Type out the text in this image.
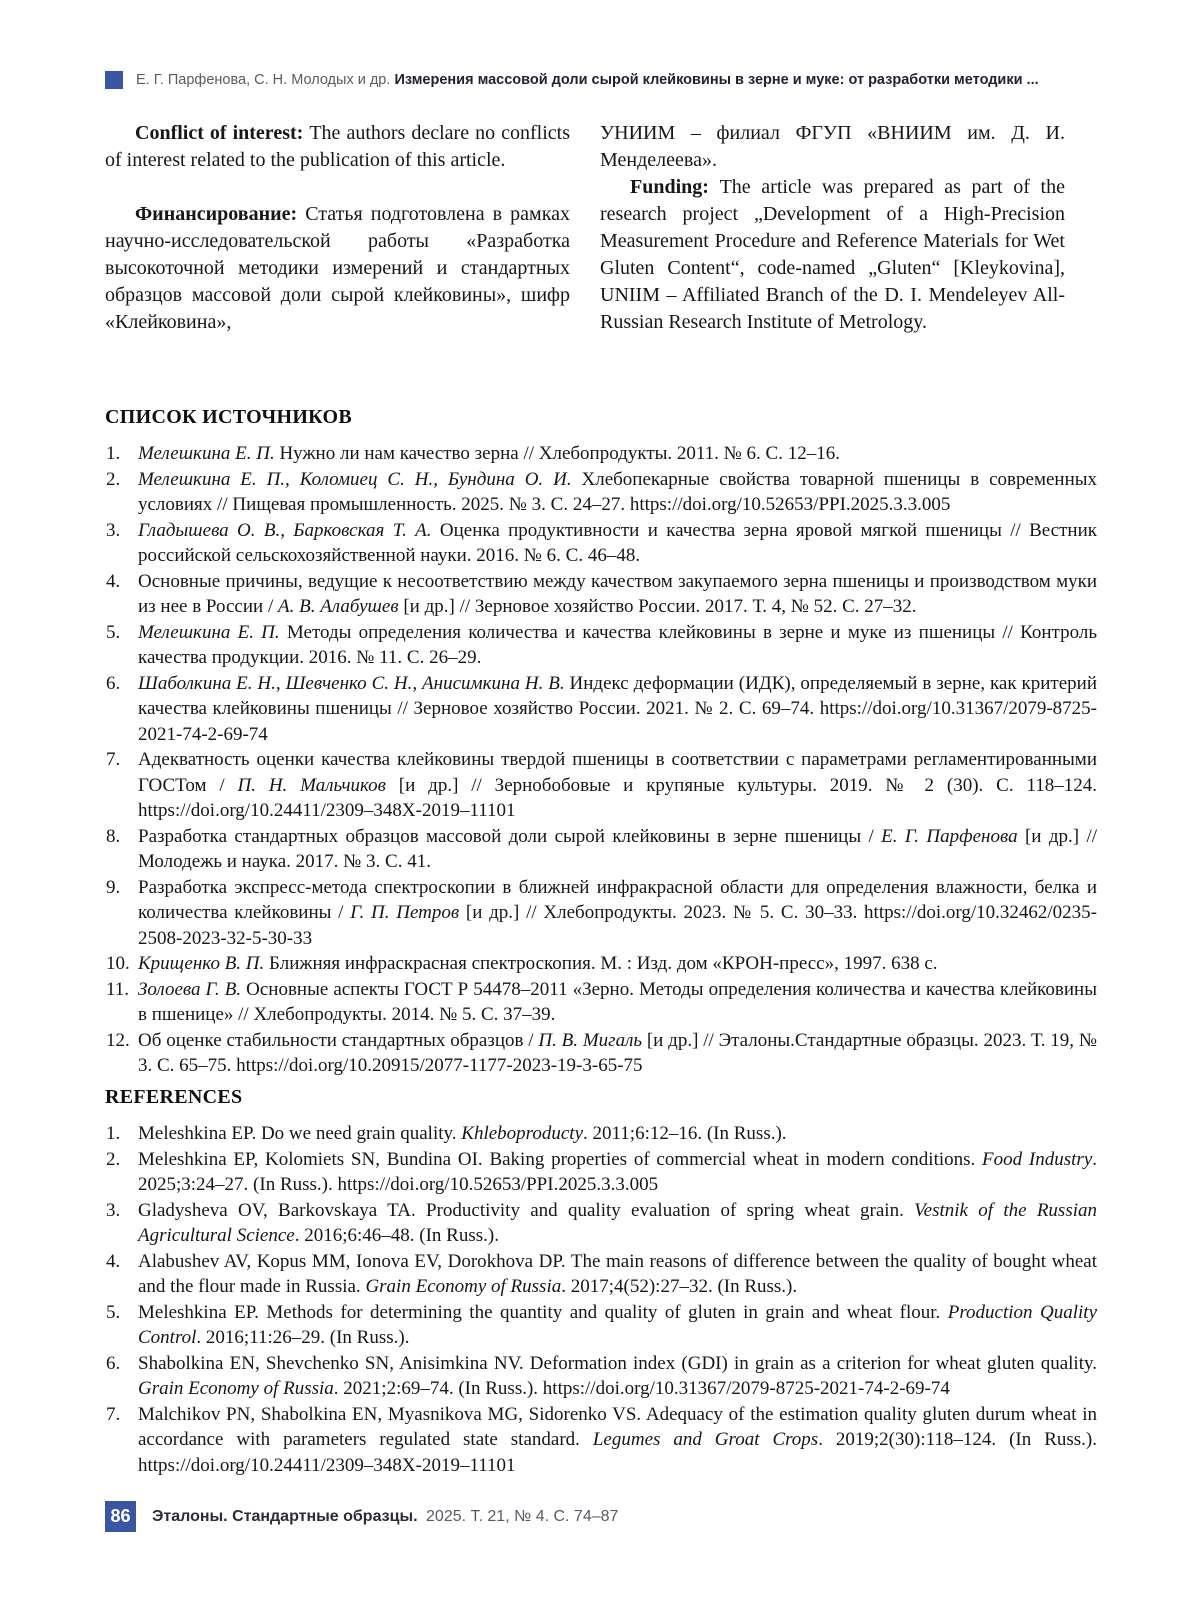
Е. Г. Парфенова, С. Н. Молодых и др. Измерения массовой доли сырой клейковины в зерне и муке: от разработки методики ...

Conflict of interest: The authors declare no conflicts of interest related to the publication of this article.

Финансирование: Статья подготовлена в рамках научно-исследовательской работы «Разработка высокоточной методики измерений и стандартных образцов массовой доли сырой клейковины», шифр «Клейковина»,

УНИИМ – филиал ФГУП «ВНИИМ им. Д. И. Менделеева».

Funding: The article was prepared as part of the research project „Development of a High-Precision Measurement Procedure and Reference Materials for Wet Gluten Content“, code-named „Gluten“ [Kleykovina], UNIIM – Affiliated Branch of the D. I. Mendeleyev All-Russian Research Institute of Metrology.

СПИСОК ИСТОЧНИКОВ
1. Мелешкина Е. П. Нужно ли нам качество зерна // Хлебопродукты. 2011. № 6. С. 12–16.
2. Мелешкина Е. П., Коломиец С. Н., Бундина О. И. Хлебопекарные свойства товарной пшеницы в современных условиях // Пищевая промышленность. 2025. № 3. С. 24–27. https://doi.org/10.52653/PPI.2025.3.3.005
3. Гладышева О. В., Барковская Т. А. Оценка продуктивности и качества зерна яровой мягкой пшеницы // Вестник российской сельскохозяйственной науки. 2016. № 6. С. 46–48.
4. Основные причины, ведущие к несоответствию между качеством закупаемого зерна пшеницы и производством муки из нее в России / А. В. Алабушев [и др.] // Зерновое хозяйство России. 2017. Т. 4, № 52. С. 27–32.
5. Мелешкина Е. П. Методы определения количества и качества клейковины в зерне и муке из пшеницы // Контроль качества продукции. 2016. № 11. С. 26–29.
6. Шаболкина Е. Н., Шевченко С. Н., Анисимкина Н. В. Индекс деформации (ИДК), определяемый в зерне, как критерий качества клейковины пшеницы // Зерновое хозяйство России. 2021. № 2. С. 69–74. https://doi.org/10.31367/2079-8725-2021-74-2-69-74
7. Адекватность оценки качества клейковины твердой пшеницы в соответствии с параметрами регламентированными ГОСТом / П. Н. Мальчиков [и др.] // Зернобобовые и крупяные культуры. 2019. № 2 (30). С. 118–124. https://doi.org/10.24411/2309–348X-2019–11101
8. Разработка стандартных образцов массовой доли сырой клейковины в зерне пшеницы / Е. Г. Парфенова [и др.] // Молодежь и наука. 2017. № 3. С. 41.
9. Разработка экспресс-метода спектроскопии в ближней инфракрасной области для определения влажности, белка и количества клейковины / Г. П. Петров [и др.] // Хлебопродукты. 2023. № 5. С. 30–33. https://doi.org/10.32462/0235-2508-2023-32-5-30-33
10. Крищенко В. П. Ближняя инфраскрасная спектроскопия. М. : Изд. дом «КРОН-пресс», 1997. 638 с.
11. Золоева Г. В. Основные аспекты ГОСТ Р 54478–2011 «Зерно. Методы определения количества и качества клейковины в пшенице» // Хлебопродукты. 2014. № 5. С. 37–39.
12. Об оценке стабильности стандартных образцов / П. В. Мигаль [и др.] // Эталоны.Стандартные образцы. 2023. Т. 19, № 3. С. 65–75. https://doi.org/10.20915/2077-1177-2023-19-3-65-75
REFERENCES
1. Meleshkina EP. Do we need grain quality. Khleboproducty. 2011;6:12–16. (In Russ.).
2. Meleshkina EP, Kolomiets SN, Bundina OI. Baking properties of commercial wheat in modern conditions. Food Industry. 2025;3:24–27. (In Russ.). https://doi.org/10.52653/PPI.2025.3.3.005
3. Gladysheva OV, Barkovskaya TA. Productivity and quality evaluation of spring wheat grain. Vestnik of the Russian Agricultural Science. 2016;6:46–48. (In Russ.).
4. Alabushev AV, Kopus MM, Ionova EV, Dorokhova DP. The main reasons of difference between the quality of bought wheat and the flour made in Russia. Grain Economy of Russia. 2017;4(52):27–32. (In Russ.).
5. Meleshkina EP. Methods for determining the quantity and quality of gluten in grain and wheat flour. Production Quality Control. 2016;11:26–29. (In Russ.).
6. Shabolkina EN, Shevchenko SN, Anisimkina NV. Deformation index (GDI) in grain as a criterion for wheat gluten quality. Grain Economy of Russia. 2021;2:69–74. (In Russ.). https://doi.org/10.31367/2079-8725-2021-74-2-69-74
7. Malchikov PN, Shabolkina EN, Myasnikova MG, Sidorenko VS. Adequacy of the estimation quality gluten durum wheat in accordance with parameters regulated state standard. Legumes and Groat Crops. 2019;2(30):118–124. (In Russ.). https://doi.org/10.24411/2309–348X-2019–11101
86 Эталоны. Стандартные образцы. 2025. Т. 21, № 4. С. 74–87
